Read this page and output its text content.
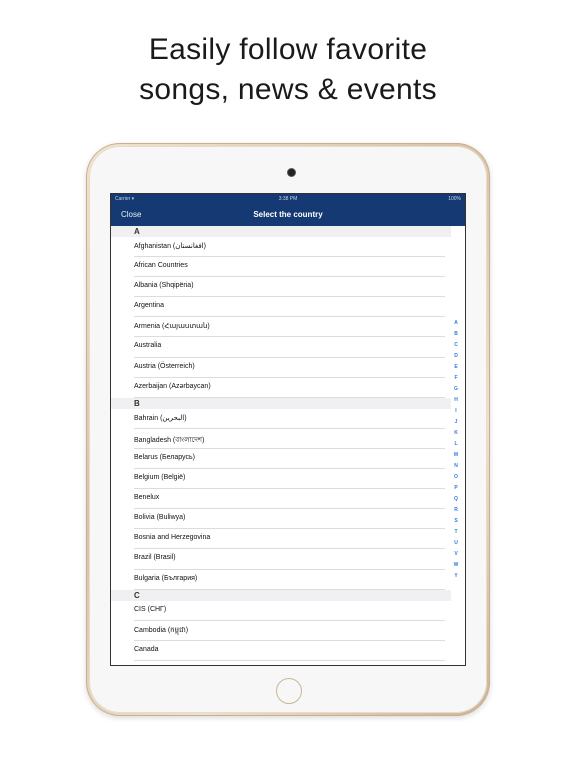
Easily follow favorite
songs, news & events
Carrier ▾	3:38 PM	100%
Select the country
Close
A
Afghanistan (افغانستان)
African Countries
Albania (Shqipëria)
Argentina
Armenia (Հայաստան)
Australia
Austria (Österreich)
Azerbaijan (Azərbaycan)
B
Bahrain (البحرين)
Bangladesh (বাংলাদেশ)
Belarus (Беларусь)
Belgium (België)
Benelux
Bolivia (Buliwya)
Bosnia and Herzegovina
Brazil (Brasil)
Bulgaria (България)
C
CIS (СНГ)
Cambodia (កម្ពុជា)
Canada
A
B
C
D
E
F
G
H
I
J
K
L
M
N
O
P
Q
R
S
T
U
V
W
Y
